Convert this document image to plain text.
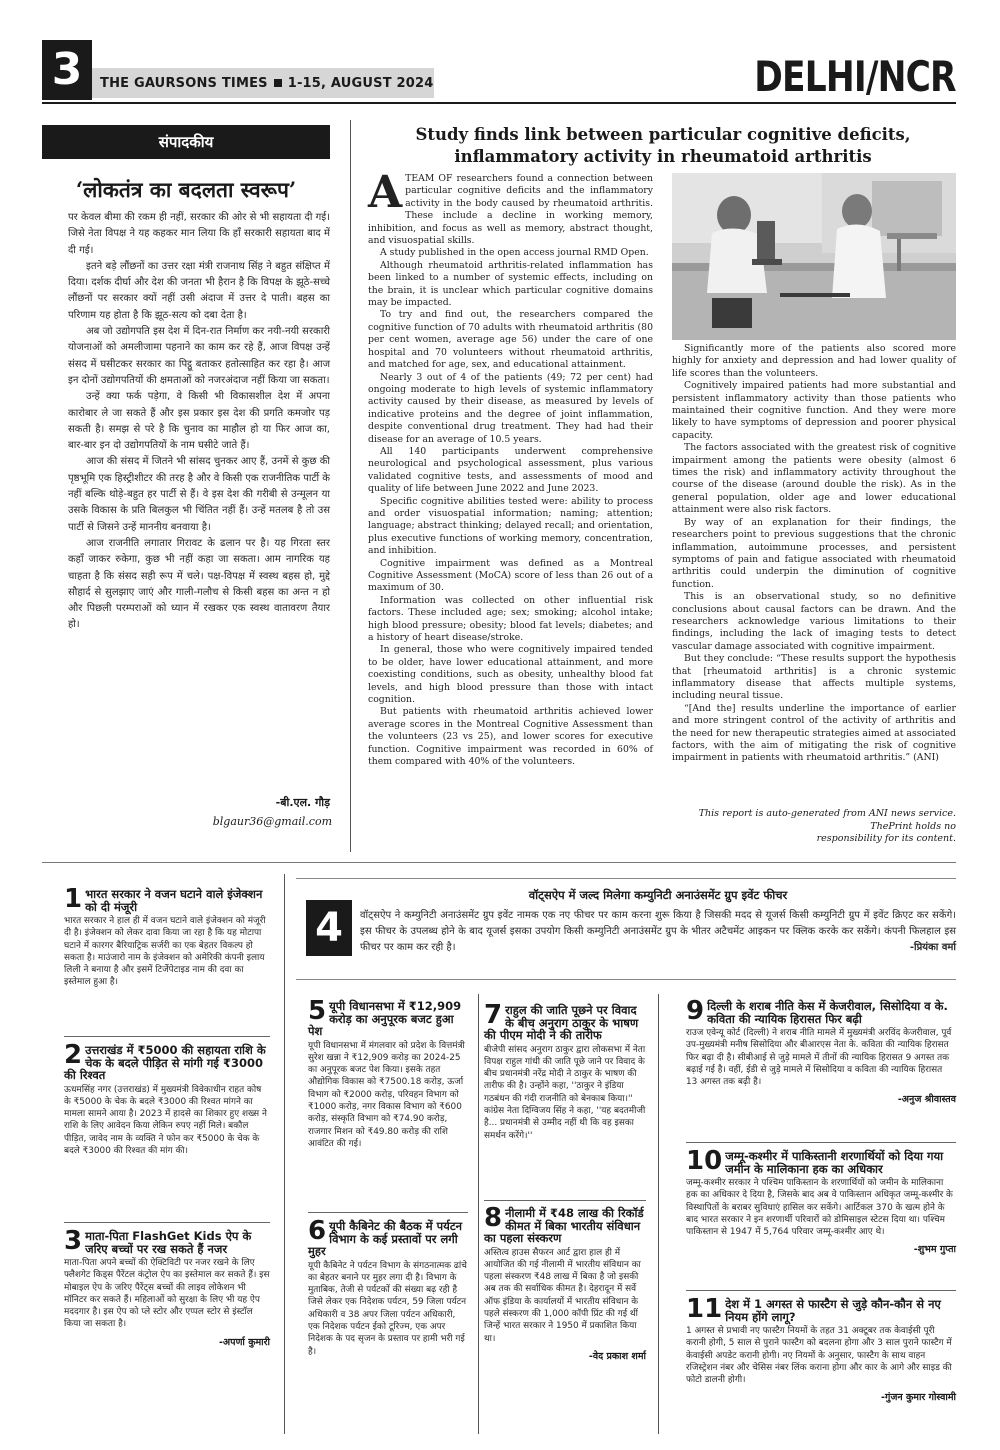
3	THE GAURSONS TIMES 1-15, AUGUST 2024	DELHI/NCR
संपादकीय
‘लोकतंत्र का बदलता स्वरूप’

पर केवल बीमा की रकम ही नहीं, सरकार की ओर से भी सहायता दी गई। जिसे नेता विपक्ष ने यह कहकर मान लिया कि हाँ सरकारी सहायता बाद में दी गई।

इतने बड़े लौंछनों का उत्तर रक्षा मंत्री राजनाथ सिंह ने बहुत संक्षिप्त में दिया। दर्शक दीर्घा और देश की जनता भी हैरान है कि विपक्ष के झूठे-सच्चे लौंछनों पर सरकार क्यों नहीं उसी अंदाज में उत्तर दे पाती। बहस का परिणाम यह होता है कि झूठ-सत्य को दबा देता है।

अब जो उद्योगपति इस देश में दिन-रात निर्माण कर नयी-नयी सरकारी योजनाओं को अमलीजामा पहनाने का काम कर रहे हैं, आज विपक्ष उन्हें संसद में घसीटकर सरकार का पिट्ठू बताकर हतोत्साहित कर रहा है। आज इन दोनों उद्योगपतियों की क्षमताओं को नजरअंदाज नहीं किया जा सकता।

उन्हें क्या फर्क पड़ेगा, वे किसी भी विकासशील देश में अपना कारोबार ले जा सकते हैं और इस प्रकार इस देश की प्रगति कमजोर पड़ सकती है। समझ से परे है कि चुनाव का माहौल हो या फिर आज का, बार-बार इन दो उद्योगपतियों के नाम घसीटे जाते हैं।

आज की संसद में जितने भी सांसद चुनकर आए हैं, उनमें से कुछ की पृष्ठभूमि एक हिस्ट्रीशीटर की तरह है और वे किसी एक राजनीतिक पार्टी के नहीं बल्कि थोड़े-बहुत हर पार्टी से हैं। वे इस देश की गरीबी से उन्मूलन या उसके विकास के प्रति बिलकुल भी चिंतित नहीं हैं। उन्हें मतलब है तो उस पार्टी से जिसने उन्हें माननीय बनवाया है।

आज राजनीति लगातार गिरावट के ढलान पर है। यह गिरता स्तर कहाँ जाकर रुकेगा, कुछ भी नहीं कहा जा सकता। आम नागरिक यह चाहता है कि संसद सही रूप में चले। पक्ष-विपक्ष में स्वस्थ बहस हो, मुद्दे सौहार्द से सुलझाए जाएं और गाली-गलौच से किसी बहस का अन्त न हो और पिछली परम्पराओं को ध्यान में रखकर एक स्वस्थ वातावरण तैयार हो।

-बी.एल. गौड़
blgaur36@gmail.com
Study finds link between particular cognitive deficits,
inflammatory activity in rheumatoid arthritis

ATEAM OF researchers found a connection between particular cognitive deficits and the inflammatory activity in the body caused by rheumatoid arthritis. These include a decline in working memory, inhibition, and focus as well as memory, abstract thought, and visuospatial skills.

A study published in the open access journal RMD Open.

Although rheumatoid arthritis-related inflammation has been linked to a number of systemic effects, including on the brain, it is unclear which particular cognitive domains may be impacted.

To try and find out, the researchers compared the cognitive function of 70 adults with rheumatoid arthritis (80 per cent women, average age 56) under the care of one hospital and 70 volunteers without rheumatoid arthritis, and matched for age, sex, and educational attainment.

Nearly 3 out of 4 of the patients (49; 72 per cent) had ongoing moderate to high levels of systemic inflammatory activity caused by their disease, as measured by levels of indicative proteins and the degree of joint inflammation, despite conventional drug treatment. They had had their disease for an average of 10.5 years.

All 140 participants underwent comprehensive neurological and psychological assessment, plus various validated cognitive tests, and assessments of mood and quality of life between June 2022 and June 2023.

Specific cognitive abilities tested were: ability to process and order visuospatial information; naming; attention; language; abstract thinking; delayed recall; and orientation, plus executive functions of working memory, concentration, and inhibition.

Cognitive impairment was defined as a Montreal Cognitive Assessment (MoCA) score of less than 26 out of a maximum of 30.

Information was collected on other influential risk factors. These included age; sex; smoking; alcohol intake; high blood pressure; obesity; blood fat levels; diabetes; and a history of heart disease/stroke.

In general, those who were cognitively impaired tended to be older, have lower educational attainment, and more coexisting conditions, such as obesity, unhealthy blood fat levels, and high blood pressure than those with intact cognition.

But patients with rheumatoid arthritis achieved lower average scores in the Montreal Cognitive Assessment than the volunteers (23 vs 25), and lower scores for executive function. Cognitive impairment was recorded in 60% of them compared with 40% of the volunteers.

Significantly more of the patients also scored more highly for anxiety and depression and had lower quality of life scores than the volunteers.

Cognitively impaired patients had more substantial and persistent inflammatory activity than those patients who maintained their cognitive function. And they were more likely to have symptoms of depression and poorer physical capacity.

The factors associated with the greatest risk of cognitive impairment among the patients were obesity (almost 6 times the risk) and inflammatory activity throughout the course of the disease (around double the risk). As in the general population, older age and lower educational attainment were also risk factors.

By way of an explanation for their findings, the researchers point to previous suggestions that the chronic inflammation, autoimmune processes, and persistent symptoms of pain and fatigue associated with rheumatoid arthritis could underpin the diminution of cognitive function.

This is an observational study, so no definitive conclusions about causal factors can be drawn. And the researchers acknowledge various limitations to their findings, including the lack of imaging tests to detect vascular damage associated with cognitive impairment.

But they conclude: “These results support the hypothesis that [rheumatoid arthritis] is a chronic systemic inflammatory disease that affects multiple systems, including neural tissue.

“[And the] results underline the importance of earlier and more stringent control of the activity of arthritis and the need for new therapeutic strategies aimed at associated factors, with the aim of mitigating the risk of cognitive impairment in patients with rheumatoid arthritis.” (ANI)

This report is auto-generated from ANI news service.
ThePrint holds no
responsibility for its content.
1 भारत सरकार ने वजन घटाने वाले इंजेक्शन को दी मंजूरी
भारत सरकार ने हाल ही में वजन घटाने वाले इंजेक्शन को मंजूरी दी है। इंजेक्शन को लेकर दावा किया जा रहा है कि यह मोटापा घटाने में कारगर बैरियाट्रिक सर्जरी का एक बेहतर विकल्प हो सकता है। माउंजारो नाम के इंजेक्शन को अमेरिकी कंपनी इलाय लिली ने बनाया है और इसमें टिर्जेपेटाइड नाम की दवा का इस्तेमाल हुआ है।
2 उत्तराखंड में ₹5000 की सहायता राशि के चेक के बदले पीड़ित से मांगी गई ₹3000 की रिश्वत
ऊधमसिंह नगर (उत्तराखंड) में मुख्यमंत्री विवेकाधीन राहत कोष के ₹5000 के चेक के बदले ₹3000 की रिश्वत मांगने का मामला सामने आया है। 2023 में हादसे का शिकार हुए शख्स ने राशि के लिए आवेदन किया लेकिन रुपए नहीं मिले। बकौल पीड़ित, जावेद नाम के व्यक्ति ने फोन कर ₹5000 के चेक के बदले ₹3000 की रिश्वत की मांग की।
3 माता-पिता FlashGet Kids ऐप के जरिए बच्चों पर रख सकते हैं नजर
माता-पिता अपने बच्चों की ऐक्टिविटी पर नजर रखने के लिए फ्लैशगेट किड्स पैरेंटल कंट्रोल ऐप का इस्तेमाल कर सकते हैं। इस मोबाइल ऐप के जरिए पैरेंट्स बच्चों की लाइव लोकेशन भी मॉनिटर कर सकते हैं। महिलाओं को सुरक्षा के लिए भी यह ऐप मददगार है। इस ऐप को प्ले स्टोर और एप्पल स्टोर से इंस्टॉल किया जा सकता है।
-अपर्णा कुमारी
4
वॉट्सऐप में जल्द मिलेगा कम्युनिटी अनाउंसमेंट ग्रुप इवेंट फीचर
वॉट्सऐप ने कम्युनिटी अनाउंसमेंट ग्रुप इवेंट नामक एक नए फीचर पर काम करना शुरू किया है जिसकी मदद से यूजर्स किसी कम्युनिटी ग्रुप में इवेंट क्रिएट कर सकेंगे। इस फीचर के उपलब्ध होने के बाद यूजर्स इसका उपयोग किसी कम्युनिटी अनाउंसमेंट ग्रुप के भीतर अटैचमेंट आइकन पर क्लिक करके कर सकेंगे। कंपनी फिलहाल इस फीचर पर काम कर रही है।	-प्रियंका वर्मा
5 यूपी विधानसभा में ₹12,909 करोड़ का अनुपूरक बजट हुआ पेश
यूपी विधानसभा में मंगलवार को प्रदेश के वित्तमंत्री सुरेश खन्ना ने ₹12,909 करोड़ का 2024-25 का अनुपूरक बजट पेश किया। इसके तहत औद्योगिक विकास को ₹7500.18 करोड़, ऊर्जा विभाग को ₹2000 करोड़, परिवहन विभाग को ₹1000 करोड़, नगर विकास विभाग को ₹600 करोड़, संस्कृति विभाग को ₹74.90 करोड़, राजगार मिशन को ₹49.80 करोड़ की राशि आवंटित की गई।
6 यूपी कैबिनेट की बैठक में पर्यटन विभाग के कई प्रस्तावों पर लगी मुहर
यूपी कैबिनेट ने पर्यटन विभाग के संगठनात्मक ढांचे का बेहतर बनाने पर मुहर लगा दी है। विभाग के मुताबिक, तेजी से पर्यटकों की संख्या बढ़ रही है जिसे लेकर एक निदेशक पर्यटन, 59 जिला पर्यटन अधिकारी व 38 अपर जिला पर्यटन अधिकारी, एक निदेशक पर्यटन ईको टूरिज्म, एक अपर निदेशक के पद सृजन के प्रस्ताव पर हामी भरी गई है।
7 राहुल की जाति पूछने पर विवाद के बीच अनुराग ठाकुर के भाषण की पीएम मोदी ने की तारीफ
बीजेपी सांसद अनुराग ठाकुर द्वारा लोकसभा में नेता विपक्ष राहुल गांधी की जाति पूछे जाने पर विवाद के बीच प्रधानमंत्री नरेंद्र मोदी ने ठाकुर के भाषण की तारीफ की है। उन्होंने कहा, ''ठाकुर ने इंडिया गठबंधन की गंदी राजनीति को बेनकाब किया।'' कांग्रेस नेता दिग्विजय सिंह ने कहा, ''यह बदतमीजी है... प्रधानमंत्री से उम्मीद नहीं थी कि वह इसका समर्थन करेंगे।''
8 नीलामी में ₹48 लाख की रिकॉर्ड कीमत में बिका भारतीय संविधान का पहला संस्करण
अस्तित्व हाउस सैफरन आर्ट द्वारा हाल ही में आयोजित की गई नीलामी में भारतीय संविधान का पहला संस्करण ₹48 लाख में बिका है जो इसकी अब तक की सर्वाधिक कीमत है। देहरादून में सर्वे ऑफ इंडिया के कार्यालयों में भारतीय संविधान के पहले संस्करण की 1,000 कॉपी प्रिंट की गई थीं जिन्हें भारत सरकार ने 1950 में प्रकाशित किया था।
-वेद प्रकाश शर्मा
9 दिल्ली के शराब नीति केस में केजरीवाल, सिसोदिया व के. कविता की न्यायिक हिरासत फिर बढ़ी
राउज एवेन्यू कोर्ट (दिल्ली) ने शराब नीति मामले में मुख्यमंत्री अरविंद केजरीवाल, पूर्व उप-मुख्यमंत्री मनीष सिसोदिया और बीआरएस नेता के. कविता की न्यायिक हिरासत फिर बढ़ा दी है। सीबीआई से जुड़े मामले में तीनों की न्यायिक हिरासत 9 अगस्त तक बढ़ाई गई है। वहीं, ईडी से जुड़े मामले में सिसोदिया व कविता की न्यायिक हिरासत 13 अगस्त तक बढ़ी है।
-अनुज श्रीवास्तव
10 जम्मू-कश्मीर में पाकिस्तानी शरणार्थियों को दिया गया जमीन के मालिकाना हक का अधिकार
जम्मू-कश्मीर सरकार ने पश्चिम पाकिस्तान के शरणार्थियों को जमीन के मालिकाना हक का अधिकार दे दिया है, जिसके बाद अब वे पाकिस्तान अधिकृत जम्मू-कश्मीर के विस्थापितों के बराबर सुविधाएं हासिल कर सकेंगे। आर्टिकल 370 के खत्म होने के बाद भारत सरकार ने इन शरणार्थी परिवारों को डोमिसाइल स्टेटस दिया था। पश्चिम पाकिस्तान से 1947 में 5,764 परिवार जम्मू-कश्मीर आए थे।
-शुभम गुप्ता
11 देश में 1 अगस्त से फास्टैग से जुड़े कौन-कौन से नए नियम होंगे लागू?
1 अगस्त से प्रभावी नए फास्टैग नियमों के तहत 31 अक्टूबर तक केवाईसी पूरी करानी होगी, 5 साल से पुराने फास्टैग को बदलना होगा और 3 साल पुराने फास्टैग में केवाईसी अपडेट करानी होगी। नए नियमों के अनुसार, फास्टैग के साथ वाहन रजिस्ट्रेशन नंबर और चेसिस नंबर लिंक कराना होगा और कार के आगे और साइड की फोटो डालनी होगी।
-गुंजन कुमार गोस्वामी
